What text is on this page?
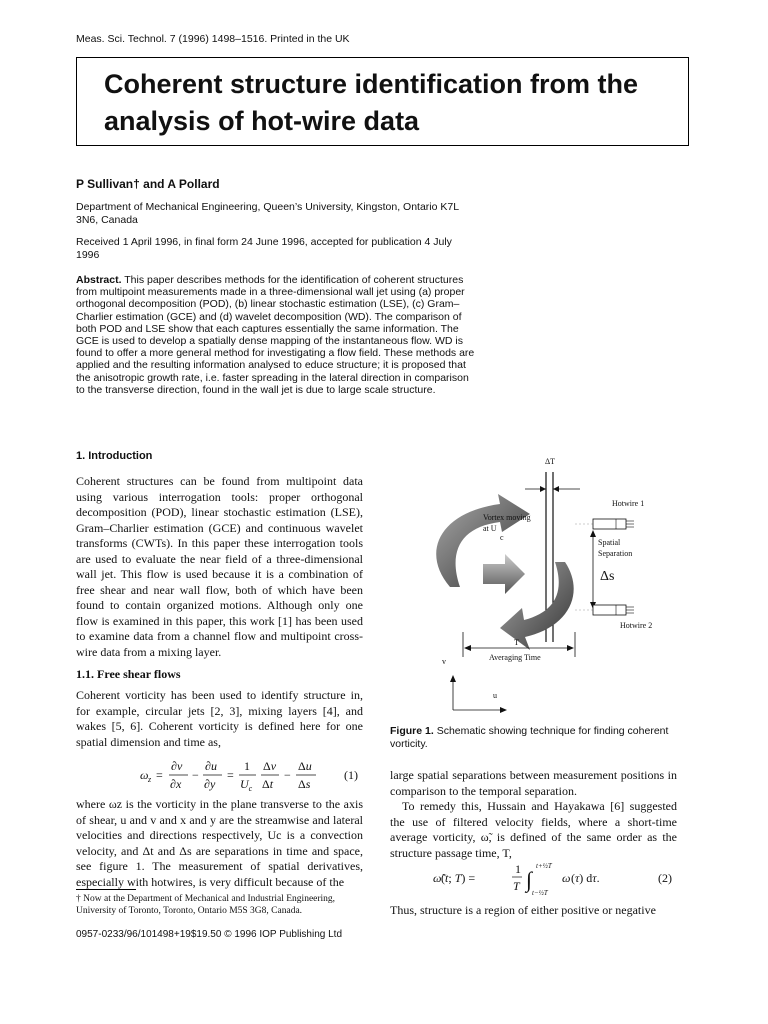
Meas. Sci. Technol. 7 (1996) 1498–1516. Printed in the UK
Coherent structure identification from the analysis of hot-wire data
P Sullivan† and A Pollard
Department of Mechanical Engineering, Queen’s University, Kingston, Ontario K7L 3N6, Canada
Received 1 April 1996, in final form 24 June 1996, accepted for publication 4 July 1996
Abstract. This paper describes methods for the identification of coherent structures from multipoint measurements made in a three-dimensional wall jet using (a) proper orthogonal decomposition (POD), (b) linear stochastic estimation (LSE), (c) Gram–Charlier estimation (GCE) and (d) wavelet decomposition (WD). The comparison of both POD and LSE show that each captures essentially the same information. The GCE is used to develop a spatially dense mapping of the instantaneous flow. WD is found to offer a more general method for investigating a flow field. These methods are applied and the resulting information analysed to educe structure; it is proposed that the anisotropic growth rate, i.e. faster spreading in the lateral direction in comparison to the transverse direction, found in the wall jet is due to large scale structure.
1. Introduction
Coherent structures can be found from multipoint data using various interrogation tools: proper orthogonal decomposition (POD), linear stochastic estimation (LSE), Gram–Charlier estimation (GCE) and continuous wavelet transforms (CWTs). In this paper these interrogation tools are used to evaluate the near field of a three-dimensional wall jet. This flow is used because it is a combination of free shear and near wall flow, both of which have been found to contain organized motions. Although only one flow is examined in this paper, this work [1] has been used to examine data from a channel flow and multipoint cross-wire data from a mixing layer.
1.1. Free shear flows
Coherent vorticity has been used to identify structure in, for example, circular jets [2, 3], mixing layers [4], and wakes [5, 6]. Coherent vorticity is defined here for one spatial dimension and time as,
ω z =
∂v
∂x
−
∂u
∂y
=
1
$U_c$
Δv
Δt
−
Δu
Δs
(1)
where ωz is the vorticity in the plane transverse to the axis of shear, u and v and x and y are the streamwise and lateral velocities and directions respectively, Uc is a convection velocity, and Δt and Δs are separations in time and space, see figure 1. The measurement of spatial derivatives, especially with hotwires, is very difficult because of the
† Now at the Department of Mechanical and Industrial Engineering, University of Toronto, Toronto, Ontario M5S 3G8, Canada.
0957-0233/96/101498+19$19.50 © 1996 IOP Publishing Ltd
ΔT
Vortex moving
at U
c
Hotwire 1
Spatial
Separation
Δs
Hotwire 2
T
Averaging Time
v
u
Figure 1. Schematic showing technique for finding coherent vorticity.
large spatial separations between measurement positions in comparison to the temporal separation.
To remedy this, Hussain and Hayakawa [6] suggested the use of filtered velocity fields, where a short-time average vorticity, ω̃, is defined of the same order as the structure passage time, T,
ω̃ (t; T) =
1
T ∫
t+½T
t−½T
ω (τ) dτ.	(2)
Thus, structure is a region of either positive or negative
